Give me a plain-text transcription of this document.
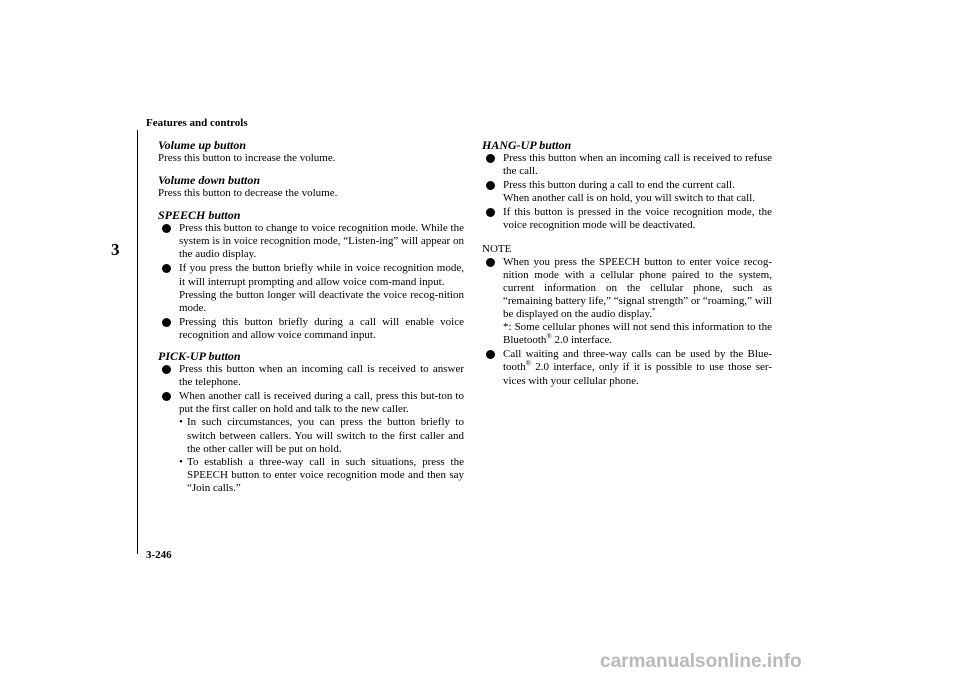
Features and controls
3
Volume up button

Press this button to increase the volume.

Volume down button

Press this button to decrease the volume.

SPEECH button
Press this button to change to voice recognition mode. While the system is in voice recognition mode, “Listen-ing” will appear on the audio display.
If you press the button briefly while in voice recognition mode, it will interrupt prompting and allow voice com-mand input.
Pressing the button longer will deactivate the voice recog-nition mode.
Pressing this button briefly during a call will enable voice recognition and allow voice command input.
PICK-UP button
Press this button when an incoming call is received to answer the telephone.
When another call is received during a call, press this but-ton to put the first caller on hold and talk to the new caller.
• In such circumstances, you can press the button briefly to switch between callers. You will switch to the first caller and the other caller will be put on hold.
• To establish a three-way call in such situations, press the SPEECH button to enter voice recognition mode and then say “Join calls.”
HANG-UP button
Press this button when an incoming call is received to refuse the call.
Press this button during a call to end the current call.
When another call is on hold, you will switch to that call.
If this button is pressed in the voice recognition mode, the voice recognition mode will be deactivated.
NOTE
When you press the SPEECH button to enter voice recog-nition mode with a cellular phone paired to the system, current information on the cellular phone, such as “remaining battery life,” “signal strength” or “roaming,” will be displayed on the audio display.*
*: Some cellular phones will not send this information to the Bluetooth® 2.0 interface.
Call waiting and three-way calls can be used by the Blue-tooth® 2.0 interface, only if it is possible to use those ser-vices with your cellular phone.
3-246
carmanualsonline.info
